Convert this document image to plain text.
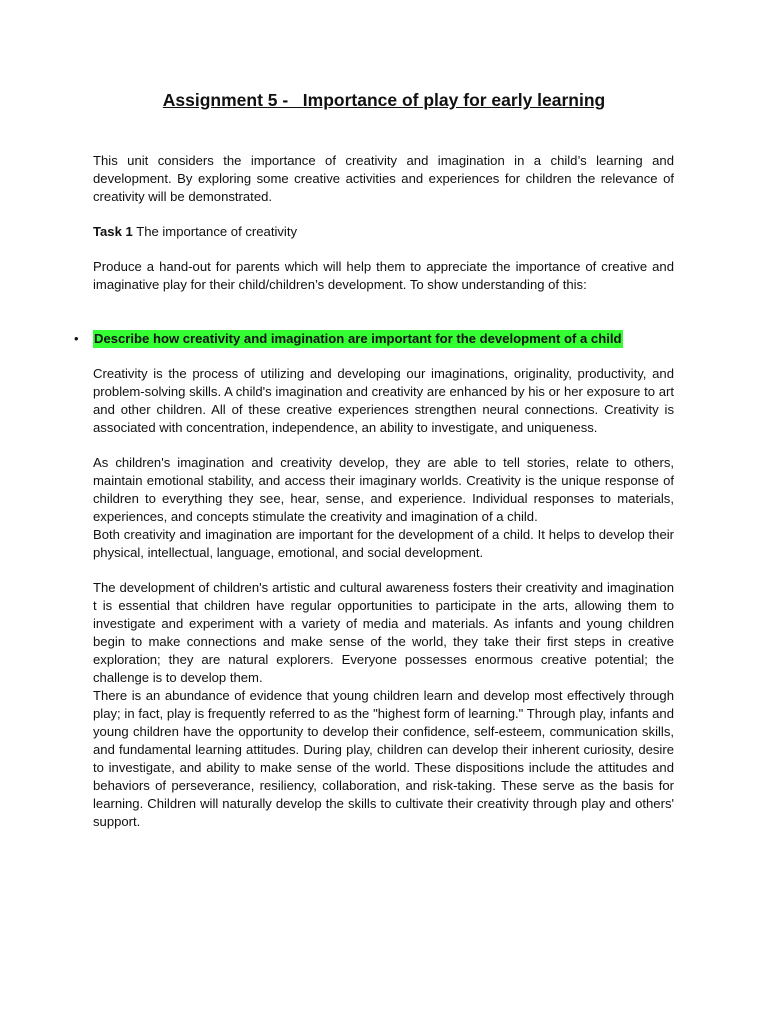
Assignment 5 -   Importance of play for early learning

This unit considers the importance of creativity and imagination in a child’s learning and development. By exploring some creative activities and experiences for children the relevance of creativity will be demonstrated.

Task 1 The importance of creativity

Produce a hand-out for parents which will help them to appreciate the importance of creative and imaginative play for their child/children’s development. To show understanding of this:

•	Describe how creativity and imagination are important for the development of a child

Creativity is the process of utilizing and developing our imaginations, originality, productivity, and problem-solving skills. A child's imagination and creativity are enhanced by his or her exposure to art and other children. All of these creative experiences strengthen neural connections. Creativity is associated with concentration, independence, an ability to investigate, and uniqueness.

As children's imagination and creativity develop, they are able to tell stories, relate to others, maintain emotional stability, and access their imaginary worlds. Creativity is the unique response of children to everything they see, hear, sense, and experience. Individual responses to materials, experiences, and concepts stimulate the creativity and imagination of a child.

Both creativity and imagination are important for the development of a child. It helps to develop their physical, intellectual, language, emotional, and social development.

The development of children's artistic and cultural awareness fosters their creativity and imagination t is essential that children have regular opportunities to participate in the arts, allowing them to investigate and experiment with a variety of media and materials. As infants and young children begin to make connections and make sense of the world, they take their first steps in creative exploration; they are natural explorers. Everyone possesses enormous creative potential; the challenge is to develop them.

There is an abundance of evidence that young children learn and develop most effectively through play; in fact, play is frequently referred to as the "highest form of learning." Through play, infants and young children have the opportunity to develop their confidence, self-esteem, communication skills, and fundamental learning attitudes. During play, children can develop their inherent curiosity, desire to investigate, and ability to make sense of the world. These dispositions include the attitudes and behaviors of perseverance, resiliency, collaboration, and risk-taking. These serve as the basis for learning. Children will naturally develop the skills to cultivate their creativity through play and others' support.
